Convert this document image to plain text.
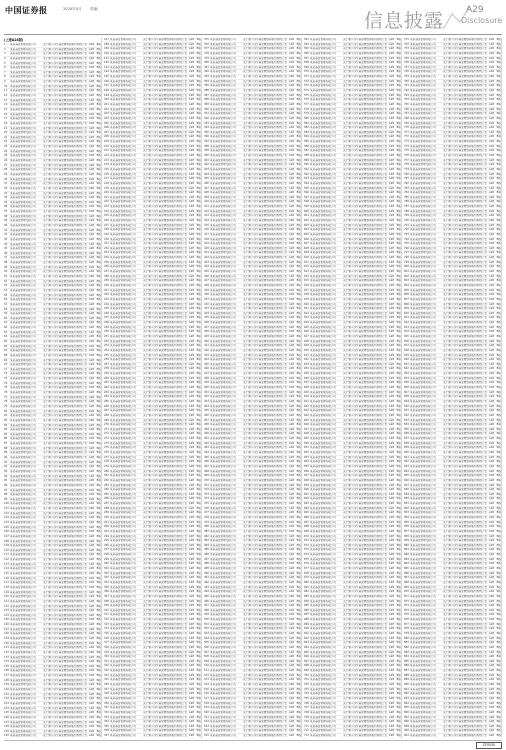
中国证券报	2024年4月 责编:
信息披露 A29
Disclosure
(上接A28版)
1	某某基金管理有限公司	关于旗下部分基金增加销售机构的公告 A28	B版
2	某某基金管理有限公司	关于旗下部分基金增加销售机构的公告 A28	B版
3	某某基金管理有限公司	关于旗下部分基金增加销售机构的公告 A28	B版
4	某某基金管理有限公司	关于旗下部分基金增加销售机构的公告 A28	B版
5	某某基金管理有限公司	关于旗下部分基金增加销售机构的公告 A28	B版
6	某某基金管理有限公司	关于旗下部分基金增加销售机构的公告 A28	B版
7	某某基金管理有限公司	关于旗下部分基金增加销售机构的公告 A28	B版
8	某某基金管理有限公司	关于旗下部分基金增加销售机构的公告 A28	B版
9	某某基金管理有限公司	关于旗下部分基金增加销售机构的公告 A28	B版
10	某某基金管理有限公司	关于旗下部分基金增加销售机构的公告 A28	B版
11	某某基金管理有限公司	关于旗下部分基金增加销售机构的公告 A28	B版
12	某某基金管理有限公司	关于旗下部分基金增加销售机构的公告 A28	B版
13	某某基金管理有限公司	关于旗下部分基金增加销售机构的公告 A28	B版
14	某某基金管理有限公司	关于旗下部分基金增加销售机构的公告 A28	B版
15	某某基金管理有限公司	关于旗下部分基金增加销售机构的公告 A28	B版
16	某某基金管理有限公司	关于旗下部分基金增加销售机构的公告 A28	B版
17	某某基金管理有限公司	关于旗下部分基金增加销售机构的公告 A28	B版
18	某某基金管理有限公司	关于旗下部分基金增加销售机构的公告 A28	B版
19	某某基金管理有限公司	关于旗下部分基金增加销售机构的公告 A28	B版
20	某某基金管理有限公司	关于旗下部分基金增加销售机构的公告 A28	B版
21	某某基金管理有限公司	关于旗下部分基金增加销售机构的公告 A28	B版
22	某某基金管理有限公司	关于旗下部分基金增加销售机构的公告 A28	B版
23	某某基金管理有限公司	关于旗下部分基金增加销售机构的公告 A28	B版
24	某某基金管理有限公司	关于旗下部分基金增加销售机构的公告 A28	B版
25	某某基金管理有限公司	关于旗下部分基金增加销售机构的公告 A28	B版
26	某某基金管理有限公司	关于旗下部分基金增加销售机构的公告 A28	B版
27	某某基金管理有限公司	关于旗下部分基金增加销售机构的公告 A28	B版
28	某某基金管理有限公司	关于旗下部分基金增加销售机构的公告 A28	B版
29	某某基金管理有限公司	关于旗下部分基金增加销售机构的公告 A28	B版
30	某某基金管理有限公司	关于旗下部分基金增加销售机构的公告 A28	B版
31	某某基金管理有限公司	关于旗下部分基金增加销售机构的公告 A28	B版
32	某某基金管理有限公司	关于旗下部分基金增加销售机构的公告 A28	B版
33	某某基金管理有限公司	关于旗下部分基金增加销售机构的公告 A28	B版
34	某某基金管理有限公司	关于旗下部分基金增加销售机构的公告 A28	B版
35	某某基金管理有限公司	关于旗下部分基金增加销售机构的公告 A28	B版
36	某某基金管理有限公司	关于旗下部分基金增加销售机构的公告 A28	B版
37	某某基金管理有限公司	关于旗下部分基金增加销售机构的公告 A28	B版
38	某某基金管理有限公司	关于旗下部分基金增加销售机构的公告 A28	B版
39	某某基金管理有限公司	关于旗下部分基金增加销售机构的公告 A28	B版
40	某某基金管理有限公司	关于旗下部分基金增加销售机构的公告 A28	B版
41	某某基金管理有限公司	关于旗下部分基金增加销售机构的公告 A28	B版
42	某某基金管理有限公司	关于旗下部分基金增加销售机构的公告 A28	B版
43	某某基金管理有限公司	关于旗下部分基金增加销售机构的公告 A28	B版
44	某某基金管理有限公司	关于旗下部分基金增加销售机构的公告 A28	B版
45	某某基金管理有限公司	关于旗下部分基金增加销售机构的公告 A28	B版
46	某某基金管理有限公司	关于旗下部分基金增加销售机构的公告 A28	B版
47	某某基金管理有限公司	关于旗下部分基金增加销售机构的公告 A28	B版
48	某某基金管理有限公司	关于旗下部分基金增加销售机构的公告 A28	B版
49	某某基金管理有限公司	关于旗下部分基金增加销售机构的公告 A28	B版
50	某某基金管理有限公司	关于旗下部分基金增加销售机构的公告 A28	B版
51	某某基金管理有限公司	关于旗下部分基金增加销售机构的公告 A28	B版
52	某某基金管理有限公司	关于旗下部分基金增加销售机构的公告 A28	B版
53	某某基金管理有限公司	关于旗下部分基金增加销售机构的公告 A28	B版
54	某某基金管理有限公司	关于旗下部分基金增加销售机构的公告 A28	B版
55	某某基金管理有限公司	关于旗下部分基金增加销售机构的公告 A28	B版
56	某某基金管理有限公司	关于旗下部分基金增加销售机构的公告 A28	B版
57	某某基金管理有限公司	关于旗下部分基金增加销售机构的公告 A28	B版
58	某某基金管理有限公司	关于旗下部分基金增加销售机构的公告 A28	B版
59	某某基金管理有限公司	关于旗下部分基金增加销售机构的公告 A28	B版
60	某某基金管理有限公司	关于旗下部分基金增加销售机构的公告 A28	B版
61	某某基金管理有限公司	关于旗下部分基金增加销售机构的公告 A28	B版
62	某某基金管理有限公司	关于旗下部分基金增加销售机构的公告 A28	B版
63	某某基金管理有限公司	关于旗下部分基金增加销售机构的公告 A28	B版
64	某某基金管理有限公司	关于旗下部分基金增加销售机构的公告 A28	B版
65	某某基金管理有限公司	关于旗下部分基金增加销售机构的公告 A28	B版
66	某某基金管理有限公司	关于旗下部分基金增加销售机构的公告 A28	B版
67	某某基金管理有限公司	关于旗下部分基金增加销售机构的公告 A28	B版
68	某某基金管理有限公司	关于旗下部分基金增加销售机构的公告 A28	B版
69	某某基金管理有限公司	关于旗下部分基金增加销售机构的公告 A28	B版
70	某某基金管理有限公司	关于旗下部分基金增加销售机构的公告 A28	B版
71	某某基金管理有限公司	关于旗下部分基金增加销售机构的公告 A28	B版
72	某某基金管理有限公司	关于旗下部分基金增加销售机构的公告 A28	B版
73	某某基金管理有限公司	关于旗下部分基金增加销售机构的公告 A28	B版
74	某某基金管理有限公司	关于旗下部分基金增加销售机构的公告 A28	B版
75	某某基金管理有限公司	关于旗下部分基金增加销售机构的公告 A28	B版
76	某某基金管理有限公司	关于旗下部分基金增加销售机构的公告 A28	B版
77	某某基金管理有限公司	关于旗下部分基金增加销售机构的公告 A28	B版
78	某某基金管理有限公司	关于旗下部分基金增加销售机构的公告 A28	B版
79	某某基金管理有限公司	关于旗下部分基金增加销售机构的公告 A28	B版
80	某某基金管理有限公司	关于旗下部分基金增加销售机构的公告 A28	B版
81	某某基金管理有限公司	关于旗下部分基金增加销售机构的公告 A28	B版
82	某某基金管理有限公司	关于旗下部分基金增加销售机构的公告 A28	B版
83	某某基金管理有限公司	关于旗下部分基金增加销售机构的公告 A28	B版
84	某某基金管理有限公司	关于旗下部分基金增加销售机构的公告 A28	B版
85	某某基金管理有限公司	关于旗下部分基金增加销售机构的公告 A28	B版
86	某某基金管理有限公司	关于旗下部分基金增加销售机构的公告 A28	B版
87	某某基金管理有限公司	关于旗下部分基金增加销售机构的公告 A28	B版
88	某某基金管理有限公司	关于旗下部分基金增加销售机构的公告 A28	B版
89	某某基金管理有限公司	关于旗下部分基金增加销售机构的公告 A28	B版
90	某某基金管理有限公司	关于旗下部分基金增加销售机构的公告 A28	B版
91	某某基金管理有限公司	关于旗下部分基金增加销售机构的公告 A28	B版
92	某某基金管理有限公司	关于旗下部分基金增加销售机构的公告 A28	B版
93	某某基金管理有限公司	关于旗下部分基金增加销售机构的公告 A28	B版
94	某某基金管理有限公司	关于旗下部分基金增加销售机构的公告 A28	B版
95	某某基金管理有限公司	关于旗下部分基金增加销售机构的公告 A28	B版
96	某某基金管理有限公司	关于旗下部分基金增加销售机构的公告 A28	B版
97	某某基金管理有限公司	关于旗下部分基金增加销售机构的公告 A28	B版
98	某某基金管理有限公司	关于旗下部分基金增加销售机构的公告 A28	B版
99	某某基金管理有限公司	关于旗下部分基金增加销售机构的公告 A28	B版
100 某某基金管理有限公司	关于旗下部分基金增加销售机构的公告 A28	B版
101 某某基金管理有限公司	关于旗下部分基金增加销售机构的公告 A28	B版
102 某某基金管理有限公司	关于旗下部分基金增加销售机构的公告 A28	B版
103 某某基金管理有限公司	关于旗下部分基金增加销售机构的公告 A28	B版
104 某某基金管理有限公司	关于旗下部分基金增加销售机构的公告 A28	B版
105 某某基金管理有限公司	关于旗下部分基金增加销售机构的公告 A28	B版
106 某某基金管理有限公司	关于旗下部分基金增加销售机构的公告 A28	B版
107 某某基金管理有限公司	关于旗下部分基金增加销售机构的公告 A28	B版
108 某某基金管理有限公司	关于旗下部分基金增加销售机构的公告 A28	B版
109 某某基金管理有限公司	关于旗下部分基金增加销售机构的公告 A28	B版
110 某某基金管理有限公司	关于旗下部分基金增加销售机构的公告 A28	B版
111 某某基金管理有限公司	关于旗下部分基金增加销售机构的公告 A28	B版
112 某某基金管理有限公司	关于旗下部分基金增加销售机构的公告 A28	B版
113 某某基金管理有限公司	关于旗下部分基金增加销售机构的公告 A28	B版
114 某某基金管理有限公司	关于旗下部分基金增加销售机构的公告 A28	B版
115 某某基金管理有限公司	关于旗下部分基金增加销售机构的公告 A28	B版
116 某某基金管理有限公司	关于旗下部分基金增加销售机构的公告 A28	B版
117 某某基金管理有限公司	关于旗下部分基金增加销售机构的公告 A28	B版
118 某某基金管理有限公司	关于旗下部分基金增加销售机构的公告 A28	B版
119 某某基金管理有限公司	关于旗下部分基金增加销售机构的公告 A28	B版
120 某某基金管理有限公司	关于旗下部分基金增加销售机构的公告 A28	B版
121 某某基金管理有限公司	关于旗下部分基金增加销售机构的公告 A28	B版
122 某某基金管理有限公司	关于旗下部分基金增加销售机构的公告 A28	B版
123 某某基金管理有限公司	关于旗下部分基金增加销售机构的公告 A28	B版
124 某某基金管理有限公司	关于旗下部分基金增加销售机构的公告 A28	B版
125 某某基金管理有限公司	关于旗下部分基金增加销售机构的公告 A28	B版
126 某某基金管理有限公司	关于旗下部分基金增加销售机构的公告 A28	B版
127 某某基金管理有限公司	关于旗下部分基金增加销售机构的公告 A28	B版
128 某某基金管理有限公司	关于旗下部分基金增加销售机构的公告 A28	B版
129 某某基金管理有限公司	关于旗下部分基金增加销售机构的公告 A28	B版
130 某某基金管理有限公司	关于旗下部分基金增加销售机构的公告 A28	B版
131 某某基金管理有限公司	关于旗下部分基金增加销售机构的公告 A28	B版
132 某某基金管理有限公司	关于旗下部分基金增加销售机构的公告 A28	B版
133 某某基金管理有限公司	关于旗下部分基金增加销售机构的公告 A28	B版
134 某某基金管理有限公司	关于旗下部分基金增加销售机构的公告 A28	B版
135 某某基金管理有限公司	关于旗下部分基金增加销售机构的公告 A28	B版
136 某某基金管理有限公司	关于旗下部分基金增加销售机构的公告 A28	B版
137 某某基金管理有限公司	关于旗下部分基金增加销售机构的公告 A28	B版
138 某某基金管理有限公司	关于旗下部分基金增加销售机构的公告 A28	B版
139 某某基金管理有限公司	关于旗下部分基金增加销售机构的公告 A28	B版
140 某某基金管理有限公司	关于旗下部分基金增加销售机构的公告 A28	B版
141 某某基金管理有限公司	关于旗下部分基金增加销售机构的公告 A28	B版
142 某某基金管理有限公司	关于旗下部分基金增加销售机构的公告 A28	B版
143 某某基金管理有限公司	关于旗下部分基金增加销售机构的公告 A28	B版
144 某某基金管理有限公司	关于旗下部分基金增加销售机构的公告 A28	B版
145 某某基金管理有限公司	关于旗下部分基金增加销售机构的公告 A28	B版
146 某某基金管理有限公司	关于旗下部分基金增加销售机构的公告 A28	B版
147 某某基金管理有限公司	关于旗下部分基金增加销售机构的公告 A28	B版
148 某某基金管理有限公司	关于旗下部分基金增加销售机构的公告 A28	B版
149 某某基金管理有限公司	关于旗下部分基金增加销售机构的公告 A28	B版
150 某某基金管理有限公司	关于旗下部分基金增加销售机构的公告 A28	B版
187 某某基金管理有限公司	关于旗下部分基金增加销售机构的公告 A28	B版
188 某某基金管理有限公司	关于旗下部分基金增加销售机构的公告 A28	B版
189 某某基金管理有限公司	关于旗下部分基金增加销售机构的公告 A28	B版
190 某某基金管理有限公司	关于旗下部分基金增加销售机构的公告 A28	B版
191 某某基金管理有限公司	关于旗下部分基金增加销售机构的公告 A28	B版
192 某某基金管理有限公司	关于旗下部分基金增加销售机构的公告 A28	B版
193 某某基金管理有限公司	关于旗下部分基金增加销售机构的公告 A28	B版
194 某某基金管理有限公司	关于旗下部分基金增加销售机构的公告 A28	B版
195 某某基金管理有限公司	关于旗下部分基金增加销售机构的公告 A28	B版
196 某某基金管理有限公司	关于旗下部分基金增加销售机构的公告 A28	B版
197 某某基金管理有限公司	关于旗下部分基金增加销售机构的公告 A28	B版
198 某某基金管理有限公司	关于旗下部分基金增加销售机构的公告 A28	B版
199 某某基金管理有限公司	关于旗下部分基金增加销售机构的公告 A28	B版
200 某某基金管理有限公司	关于旗下部分基金增加销售机构的公告 A28	B版
201 某某基金管理有限公司	关于旗下部分基金增加销售机构的公告 A28	B版
202 某某基金管理有限公司	关于旗下部分基金增加销售机构的公告 A28	B版
203 某某基金管理有限公司	关于旗下部分基金增加销售机构的公告 A28	B版
204 某某基金管理有限公司	关于旗下部分基金增加销售机构的公告 A28	B版
205 某某基金管理有限公司	关于旗下部分基金增加销售机构的公告 A28	B版
206 某某基金管理有限公司	关于旗下部分基金增加销售机构的公告 A28	B版
207 某某基金管理有限公司	关于旗下部分基金增加销售机构的公告 A28	B版
208 某某基金管理有限公司	关于旗下部分基金增加销售机构的公告 A28	B版
209 某某基金管理有限公司	关于旗下部分基金增加销售机构的公告 A28	B版
210 某某基金管理有限公司	关于旗下部分基金增加销售机构的公告 A28	B版
211 某某基金管理有限公司	关于旗下部分基金增加销售机构的公告 A28	B版
212 某某基金管理有限公司	关于旗下部分基金增加销售机构的公告 A28	B版
213 某某基金管理有限公司	关于旗下部分基金增加销售机构的公告 A28	B版
214 某某基金管理有限公司	关于旗下部分基金增加销售机构的公告 A28	B版
215 某某基金管理有限公司	关于旗下部分基金增加销售机构的公告 A28	B版
216 某某基金管理有限公司	关于旗下部分基金增加销售机构的公告 A28	B版
217 某某基金管理有限公司	关于旗下部分基金增加销售机构的公告 A28	B版
218 某某基金管理有限公司	关于旗下部分基金增加销售机构的公告 A28	B版
219 某某基金管理有限公司	关于旗下部分基金增加销售机构的公告 A28	B版
220 某某基金管理有限公司	关于旗下部分基金增加销售机构的公告 A28	B版
221 某某基金管理有限公司	关于旗下部分基金增加销售机构的公告 A28	B版
222 某某基金管理有限公司	关于旗下部分基金增加销售机构的公告 A28	B版
223 某某基金管理有限公司	关于旗下部分基金增加销售机构的公告 A28	B版
224 某某基金管理有限公司	关于旗下部分基金增加销售机构的公告 A28	B版
225 某某基金管理有限公司	关于旗下部分基金增加销售机构的公告 A28	B版
226 某某基金管理有限公司	关于旗下部分基金增加销售机构的公告 A28	B版
227 某某基金管理有限公司	关于旗下部分基金增加销售机构的公告 A28	B版
228 某某基金管理有限公司	关于旗下部分基金增加销售机构的公告 A28	B版
229 某某基金管理有限公司	关于旗下部分基金增加销售机构的公告 A28	B版
230 某某基金管理有限公司	关于旗下部分基金增加销售机构的公告 A28	B版
231 某某基金管理有限公司	关于旗下部分基金增加销售机构的公告 A28	B版
232 某某基金管理有限公司	关于旗下部分基金增加销售机构的公告 A28	B版
233 某某基金管理有限公司	关于旗下部分基金增加销售机构的公告 A28	B版
234 某某基金管理有限公司	关于旗下部分基金增加销售机构的公告 A28	B版
235 某某基金管理有限公司	关于旗下部分基金增加销售机构的公告 A28	B版
236 某某基金管理有限公司	关于旗下部分基金增加销售机构的公告 A28	B版
237 某某基金管理有限公司	关于旗下部分基金增加销售机构的公告 A28	B版
238 某某基金管理有限公司	关于旗下部分基金增加销售机构的公告 A28	B版
239 某某基金管理有限公司	关于旗下部分基金增加销售机构的公告 A28	B版
240 某某基金管理有限公司	关于旗下部分基金增加销售机构的公告 A28	B版
241 某某基金管理有限公司	关于旗下部分基金增加销售机构的公告 A28	B版
242 某某基金管理有限公司	关于旗下部分基金增加销售机构的公告 A28	B版
243 某某基金管理有限公司	关于旗下部分基金增加销售机构的公告 A28	B版
244 某某基金管理有限公司	关于旗下部分基金增加销售机构的公告 A28	B版
245 某某基金管理有限公司	关于旗下部分基金增加销售机构的公告 A28	B版
246 某某基金管理有限公司	关于旗下部分基金增加销售机构的公告 A28	B版
247 某某基金管理有限公司	关于旗下部分基金增加销售机构的公告 A28	B版
248 某某基金管理有限公司	关于旗下部分基金增加销售机构的公告 A28	B版
249 某某基金管理有限公司	关于旗下部分基金增加销售机构的公告 A28	B版
250 某某基金管理有限公司	关于旗下部分基金增加销售机构的公告 A28	B版
251 某某基金管理有限公司	关于旗下部分基金增加销售机构的公告 A28	B版
252 某某基金管理有限公司	关于旗下部分基金增加销售机构的公告 A28	B版
253 某某基金管理有限公司	关于旗下部分基金增加销售机构的公告 A28	B版
254 某某基金管理有限公司	关于旗下部分基金增加销售机构的公告 A28	B版
255 某某基金管理有限公司	关于旗下部分基金增加销售机构的公告 A28	B版
256 某某基金管理有限公司	关于旗下部分基金增加销售机构的公告 A28	B版
257 某某基金管理有限公司	关于旗下部分基金增加销售机构的公告 A28	B版
258 某某基金管理有限公司	关于旗下部分基金增加销售机构的公告 A28	B版
259 某某基金管理有限公司	关于旗下部分基金增加销售机构的公告 A28	B版
260 某某基金管理有限公司	关于旗下部分基金增加销售机构的公告 A28	B版
261 某某基金管理有限公司	关于旗下部分基金增加销售机构的公告 A28	B版
262 某某基金管理有限公司	关于旗下部分基金增加销售机构的公告 A28	B版
263 某某基金管理有限公司	关于旗下部分基金增加销售机构的公告 A28	B版
264 某某基金管理有限公司	关于旗下部分基金增加销售机构的公告 A28	B版
265 某某基金管理有限公司	关于旗下部分基金增加销售机构的公告 A28	B版
266 某某基金管理有限公司	关于旗下部分基金增加销售机构的公告 A28	B版
267 某某基金管理有限公司	关于旗下部分基金增加销售机构的公告 A28	B版
268 某某基金管理有限公司	关于旗下部分基金增加销售机构的公告 A28	B版
269 某某基金管理有限公司	关于旗下部分基金增加销售机构的公告 A28	B版
270 某某基金管理有限公司	关于旗下部分基金增加销售机构的公告 A28	B版
271 某某基金管理有限公司	关于旗下部分基金增加销售机构的公告 A28	B版
272 某某基金管理有限公司	关于旗下部分基金增加销售机构的公告 A28	B版
273 某某基金管理有限公司	关于旗下部分基金增加销售机构的公告 A28	B版
274 某某基金管理有限公司	关于旗下部分基金增加销售机构的公告 A28	B版
275 某某基金管理有限公司	关于旗下部分基金增加销售机构的公告 A28	B版
276 某某基金管理有限公司	关于旗下部分基金增加销售机构的公告 A28	B版
277 某某基金管理有限公司	关于旗下部分基金增加销售机构的公告 A28	B版
278 某某基金管理有限公司	关于旗下部分基金增加销售机构的公告 A28	B版
279 某某基金管理有限公司	关于旗下部分基金增加销售机构的公告 A28	B版
280 某某基金管理有限公司	关于旗下部分基金增加销售机构的公告 A28	B版
281 某某基金管理有限公司	关于旗下部分基金增加销售机构的公告 A28	B版
282 某某基金管理有限公司	关于旗下部分基金增加销售机构的公告 A28	B版
283 某某基金管理有限公司	关于旗下部分基金增加销售机构的公告 A28	B版
284 某某基金管理有限公司	关于旗下部分基金增加销售机构的公告 A28	B版
285 某某基金管理有限公司	关于旗下部分基金增加销售机构的公告 A28	B版
286 某某基金管理有限公司	关于旗下部分基金增加销售机构的公告 A28	B版
287 某某基金管理有限公司	关于旗下部分基金增加销售机构的公告 A28	B版
288 某某基金管理有限公司	关于旗下部分基金增加销售机构的公告 A28	B版
289 某某基金管理有限公司	关于旗下部分基金增加销售机构的公告 A28	B版
290 某某基金管理有限公司	关于旗下部分基金增加销售机构的公告 A28	B版
291 某某基金管理有限公司	关于旗下部分基金增加销售机构的公告 A28	B版
292 某某基金管理有限公司	关于旗下部分基金增加销售机构的公告 A28	B版
293 某某基金管理有限公司	关于旗下部分基金增加销售机构的公告 A28	B版
294 某某基金管理有限公司	关于旗下部分基金增加销售机构的公告 A28	B版
295 某某基金管理有限公司	关于旗下部分基金增加销售机构的公告 A28	B版
296 某某基金管理有限公司	关于旗下部分基金增加销售机构的公告 A28	B版
297 某某基金管理有限公司	关于旗下部分基金增加销售机构的公告 A28	B版
298 某某基金管理有限公司	关于旗下部分基金增加销售机构的公告 A28	B版
299 某某基金管理有限公司	关于旗下部分基金增加销售机构的公告 A28	B版
300 某某基金管理有限公司	关于旗下部分基金增加销售机构的公告 A28	B版
301 某某基金管理有限公司	关于旗下部分基金增加销售机构的公告 A28	B版
302 某某基金管理有限公司	关于旗下部分基金增加销售机构的公告 A28	B版
303 某某基金管理有限公司	关于旗下部分基金增加销售机构的公告 A28	B版
304 某某基金管理有限公司	关于旗下部分基金增加销售机构的公告 A28	B版
305 某某基金管理有限公司	关于旗下部分基金增加销售机构的公告 A28	B版
306 某某基金管理有限公司	关于旗下部分基金增加销售机构的公告 A28	B版
307 某某基金管理有限公司	关于旗下部分基金增加销售机构的公告 A28	B版
308 某某基金管理有限公司	关于旗下部分基金增加销售机构的公告 A28	B版
309 某某基金管理有限公司	关于旗下部分基金增加销售机构的公告 A28	B版
310 某某基金管理有限公司	关于旗下部分基金增加销售机构的公告 A28	B版
311 某某基金管理有限公司	关于旗下部分基金增加销售机构的公告 A28	B版
312 某某基金管理有限公司	关于旗下部分基金增加销售机构的公告 A28	B版
313 某某基金管理有限公司	关于旗下部分基金增加销售机构的公告 A28	B版
314 某某基金管理有限公司	关于旗下部分基金增加销售机构的公告 A28	B版
315 某某基金管理有限公司	关于旗下部分基金增加销售机构的公告 A28	B版
316 某某基金管理有限公司	关于旗下部分基金增加销售机构的公告 A28	B版
317 某某基金管理有限公司	关于旗下部分基金增加销售机构的公告 A28	B版
318 某某基金管理有限公司	关于旗下部分基金增加销售机构的公告 A28	B版
319 某某基金管理有限公司	关于旗下部分基金增加销售机构的公告 A28	B版
320 某某基金管理有限公司	关于旗下部分基金增加销售机构的公告 A28	B版
321 某某基金管理有限公司	关于旗下部分基金增加销售机构的公告 A28	B版
322 某某基金管理有限公司	关于旗下部分基金增加销售机构的公告 A28	B版
323 某某基金管理有限公司	关于旗下部分基金增加销售机构的公告 A28	B版
324 某某基金管理有限公司	关于旗下部分基金增加销售机构的公告 A28	B版
325 某某基金管理有限公司	关于旗下部分基金增加销售机构的公告 A28	B版
326 某某基金管理有限公司	关于旗下部分基金增加销售机构的公告 A28	B版
327 某某基金管理有限公司	关于旗下部分基金增加销售机构的公告 A28	B版
328 某某基金管理有限公司	关于旗下部分基金增加销售机构的公告 A28	B版
329 某某基金管理有限公司	关于旗下部分基金增加销售机构的公告 A28	B版
330 某某基金管理有限公司	关于旗下部分基金增加销售机构的公告 A28	B版
331 某某基金管理有限公司	关于旗下部分基金增加销售机构的公告 A28	B版
332 某某基金管理有限公司	关于旗下部分基金增加销售机构的公告 A28	B版
333 某某基金管理有限公司	关于旗下部分基金增加销售机构的公告 A28	B版
334 某某基金管理有限公司	关于旗下部分基金增加销售机构的公告 A28	B版
335 某某基金管理有限公司	关于旗下部分基金增加销售机构的公告 A28	B版
336 某某基金管理有限公司	关于旗下部分基金增加销售机构的公告 A28	B版
337 某某基金管理有限公司	关于旗下部分基金增加销售机构的公告 A28	B版
375 某某基金管理有限公司	关于旗下部分基金增加销售机构的公告 A28	B版
376 某某基金管理有限公司	关于旗下部分基金增加销售机构的公告 A28	B版
377 某某基金管理有限公司	关于旗下部分基金增加销售机构的公告 A28	B版
378 某某基金管理有限公司	关于旗下部分基金增加销售机构的公告 A28	B版
379 某某基金管理有限公司	关于旗下部分基金增加销售机构的公告 A28	B版
380 某某基金管理有限公司	关于旗下部分基金增加销售机构的公告 A28	B版
381 某某基金管理有限公司	关于旗下部分基金增加销售机构的公告 A28	B版
382 某某基金管理有限公司	关于旗下部分基金增加销售机构的公告 A28	B版
383 某某基金管理有限公司	关于旗下部分基金增加销售机构的公告 A28	B版
384 某某基金管理有限公司	关于旗下部分基金增加销售机构的公告 A28	B版
385 某某基金管理有限公司	关于旗下部分基金增加销售机构的公告 A28	B版
386 某某基金管理有限公司	关于旗下部分基金增加销售机构的公告 A28	B版
387 某某基金管理有限公司	关于旗下部分基金增加销售机构的公告 A28	B版
388 某某基金管理有限公司	关于旗下部分基金增加销售机构的公告 A28	B版
389 某某基金管理有限公司	关于旗下部分基金增加销售机构的公告 A28	B版
390 某某基金管理有限公司	关于旗下部分基金增加销售机构的公告 A28	B版
391 某某基金管理有限公司	关于旗下部分基金增加销售机构的公告 A28	B版
392 某某基金管理有限公司	关于旗下部分基金增加销售机构的公告 A28	B版
393 某某基金管理有限公司	关于旗下部分基金增加销售机构的公告 A28	B版
394 某某基金管理有限公司	关于旗下部分基金增加销售机构的公告 A28	B版
395 某某基金管理有限公司	关于旗下部分基金增加销售机构的公告 A28	B版
396 某某基金管理有限公司	关于旗下部分基金增加销售机构的公告 A28	B版
397 某某基金管理有限公司	关于旗下部分基金增加销售机构的公告 A28	B版
398 某某基金管理有限公司	关于旗下部分基金增加销售机构的公告 A28	B版
399 某某基金管理有限公司	关于旗下部分基金增加销售机构的公告 A28	B版
400 某某基金管理有限公司	关于旗下部分基金增加销售机构的公告 A28	B版
401 某某基金管理有限公司	关于旗下部分基金增加销售机构的公告 A28	B版
402 某某基金管理有限公司	关于旗下部分基金增加销售机构的公告 A28	B版
403 某某基金管理有限公司	关于旗下部分基金增加销售机构的公告 A28	B版
404 某某基金管理有限公司	关于旗下部分基金增加销售机构的公告 A28	B版
405 某某基金管理有限公司	关于旗下部分基金增加销售机构的公告 A28	B版
406 某某基金管理有限公司	关于旗下部分基金增加销售机构的公告 A28	B版
407 某某基金管理有限公司	关于旗下部分基金增加销售机构的公告 A28	B版
408 某某基金管理有限公司	关于旗下部分基金增加销售机构的公告 A28	B版
409 某某基金管理有限公司	关于旗下部分基金增加销售机构的公告 A28	B版
410 某某基金管理有限公司	关于旗下部分基金增加销售机构的公告 A28	B版
411 某某基金管理有限公司	关于旗下部分基金增加销售机构的公告 A28	B版
412 某某基金管理有限公司	关于旗下部分基金增加销售机构的公告 A28	B版
413 某某基金管理有限公司	关于旗下部分基金增加销售机构的公告 A28	B版
414 某某基金管理有限公司	关于旗下部分基金增加销售机构的公告 A28	B版
415 某某基金管理有限公司	关于旗下部分基金增加销售机构的公告 A28	B版
416 某某基金管理有限公司	关于旗下部分基金增加销售机构的公告 A28	B版
417 某某基金管理有限公司	关于旗下部分基金增加销售机构的公告 A28	B版
418 某某基金管理有限公司	关于旗下部分基金增加销售机构的公告 A28	B版
419 某某基金管理有限公司	关于旗下部分基金增加销售机构的公告 A28	B版
420 某某基金管理有限公司	关于旗下部分基金增加销售机构的公告 A28	B版
421 某某基金管理有限公司	关于旗下部分基金增加销售机构的公告 A28	B版
422 某某基金管理有限公司	关于旗下部分基金增加销售机构的公告 A28	B版
423 某某基金管理有限公司	关于旗下部分基金增加销售机构的公告 A28	B版
424 某某基金管理有限公司	关于旗下部分基金增加销售机构的公告 A28	B版
425 某某基金管理有限公司	关于旗下部分基金增加销售机构的公告 A28	B版
426 某某基金管理有限公司	关于旗下部分基金增加销售机构的公告 A28	B版
427 某某基金管理有限公司	关于旗下部分基金增加销售机构的公告 A28	B版
428 某某基金管理有限公司	关于旗下部分基金增加销售机构的公告 A28	B版
429 某某基金管理有限公司	关于旗下部分基金增加销售机构的公告 A28	B版
430 某某基金管理有限公司	关于旗下部分基金增加销售机构的公告 A28	B版
431 某某基金管理有限公司	关于旗下部分基金增加销售机构的公告 A28	B版
432 某某基金管理有限公司	关于旗下部分基金增加销售机构的公告 A28	B版
433 某某基金管理有限公司	关于旗下部分基金增加销售机构的公告 A28	B版
434 某某基金管理有限公司	关于旗下部分基金增加销售机构的公告 A28	B版
435 某某基金管理有限公司	关于旗下部分基金增加销售机构的公告 A28	B版
436 某某基金管理有限公司	关于旗下部分基金增加销售机构的公告 A28	B版
437 某某基金管理有限公司	关于旗下部分基金增加销售机构的公告 A28	B版
438 某某基金管理有限公司	关于旗下部分基金增加销售机构的公告 A28	B版
439 某某基金管理有限公司	关于旗下部分基金增加销售机构的公告 A28	B版
440 某某基金管理有限公司	关于旗下部分基金增加销售机构的公告 A28	B版
441 某某基金管理有限公司	关于旗下部分基金增加销售机构的公告 A28	B版
442 某某基金管理有限公司	关于旗下部分基金增加销售机构的公告 A28	B版
443 某某基金管理有限公司	关于旗下部分基金增加销售机构的公告 A28	B版
444 某某基金管理有限公司	关于旗下部分基金增加销售机构的公告 A28	B版
445 某某基金管理有限公司	关于旗下部分基金增加销售机构的公告 A28	B版
446 某某基金管理有限公司	关于旗下部分基金增加销售机构的公告 A28	B版
447 某某基金管理有限公司	关于旗下部分基金增加销售机构的公告 A28	B版
448 某某基金管理有限公司	关于旗下部分基金增加销售机构的公告 A28	B版
449 某某基金管理有限公司	关于旗下部分基金增加销售机构的公告 A28	B版
450 某某基金管理有限公司	关于旗下部分基金增加销售机构的公告 A28	B版
451 某某基金管理有限公司	关于旗下部分基金增加销售机构的公告 A28	B版
452 某某基金管理有限公司	关于旗下部分基金增加销售机构的公告 A28	B版
453 某某基金管理有限公司	关于旗下部分基金增加销售机构的公告 A28	B版
454 某某基金管理有限公司	关于旗下部分基金增加销售机构的公告 A28	B版
455 某某基金管理有限公司	关于旗下部分基金增加销售机构的公告 A28	B版
456 某某基金管理有限公司	关于旗下部分基金增加销售机构的公告 A28	B版
457 某某基金管理有限公司	关于旗下部分基金增加销售机构的公告 A28	B版
458 某某基金管理有限公司	关于旗下部分基金增加销售机构的公告 A28	B版
459 某某基金管理有限公司	关于旗下部分基金增加销售机构的公告 A28	B版
460 某某基金管理有限公司	关于旗下部分基金增加销售机构的公告 A28	B版
461 某某基金管理有限公司	关于旗下部分基金增加销售机构的公告 A28	B版
462 某某基金管理有限公司	关于旗下部分基金增加销售机构的公告 A28	B版
463 某某基金管理有限公司	关于旗下部分基金增加销售机构的公告 A28	B版
464 某某基金管理有限公司	关于旗下部分基金增加销售机构的公告 A28	B版
465 某某基金管理有限公司	关于旗下部分基金增加销售机构的公告 A28	B版
466 某某基金管理有限公司	关于旗下部分基金增加销售机构的公告 A28	B版
467 某某基金管理有限公司	关于旗下部分基金增加销售机构的公告 A28	B版
468 某某基金管理有限公司	关于旗下部分基金增加销售机构的公告 A28	B版
469 某某基金管理有限公司	关于旗下部分基金增加销售机构的公告 A28	B版
470 某某基金管理有限公司	关于旗下部分基金增加销售机构的公告 A28	B版
471 某某基金管理有限公司	关于旗下部分基金增加销售机构的公告 A28	B版
472 某某基金管理有限公司	关于旗下部分基金增加销售机构的公告 A28	B版
473 某某基金管理有限公司	关于旗下部分基金增加销售机构的公告 A28	B版
474 某某基金管理有限公司	关于旗下部分基金增加销售机构的公告 A28	B版
475 某某基金管理有限公司	关于旗下部分基金增加销售机构的公告 A28	B版
476 某某基金管理有限公司	关于旗下部分基金增加销售机构的公告 A28	B版
477 某某基金管理有限公司	关于旗下部分基金增加销售机构的公告 A28	B版
478 某某基金管理有限公司	关于旗下部分基金增加销售机构的公告 A28	B版
479 某某基金管理有限公司	关于旗下部分基金增加销售机构的公告 A28	B版
480 某某基金管理有限公司	关于旗下部分基金增加销售机构的公告 A28	B版
481 某某基金管理有限公司	关于旗下部分基金增加销售机构的公告 A28	B版
482 某某基金管理有限公司	关于旗下部分基金增加销售机构的公告 A28	B版
483 某某基金管理有限公司	关于旗下部分基金增加销售机构的公告 A28	B版
484 某某基金管理有限公司	关于旗下部分基金增加销售机构的公告 A28	B版
485 某某基金管理有限公司	关于旗下部分基金增加销售机构的公告 A28	B版
486 某某基金管理有限公司	关于旗下部分基金增加销售机构的公告 A28	B版
487 某某基金管理有限公司	关于旗下部分基金增加销售机构的公告 A28	B版
488 某某基金管理有限公司	关于旗下部分基金增加销售机构的公告 A28	B版
489 某某基金管理有限公司	关于旗下部分基金增加销售机构的公告 A28	B版
490 某某基金管理有限公司	关于旗下部分基金增加销售机构的公告 A28	B版
491 某某基金管理有限公司	关于旗下部分基金增加销售机构的公告 A28	B版
492 某某基金管理有限公司	关于旗下部分基金增加销售机构的公告 A28	B版
493 某某基金管理有限公司	关于旗下部分基金增加销售机构的公告 A28	B版
494 某某基金管理有限公司	关于旗下部分基金增加销售机构的公告 A28	B版
495 某某基金管理有限公司	关于旗下部分基金增加销售机构的公告 A28	B版
496 某某基金管理有限公司	关于旗下部分基金增加销售机构的公告 A28	B版
497 某某基金管理有限公司	关于旗下部分基金增加销售机构的公告 A28	B版
498 某某基金管理有限公司	关于旗下部分基金增加销售机构的公告 A28	B版
499 某某基金管理有限公司	关于旗下部分基金增加销售机构的公告 A28	B版
500 某某基金管理有限公司	关于旗下部分基金增加销售机构的公告 A28	B版
501 某某基金管理有限公司	关于旗下部分基金增加销售机构的公告 A28	B版
502 某某基金管理有限公司	关于旗下部分基金增加销售机构的公告 A28	B版
503 某某基金管理有限公司	关于旗下部分基金增加销售机构的公告 A28	B版
504 某某基金管理有限公司	关于旗下部分基金增加销售机构的公告 A28	B版
505 某某基金管理有限公司	关于旗下部分基金增加销售机构的公告 A28	B版
506 某某基金管理有限公司	关于旗下部分基金增加销售机构的公告 A28	B版
507 某某基金管理有限公司	关于旗下部分基金增加销售机构的公告 A28	B版
508 某某基金管理有限公司	关于旗下部分基金增加销售机构的公告 A28	B版
509 某某基金管理有限公司	关于旗下部分基金增加销售机构的公告 A28	B版
510 某某基金管理有限公司	关于旗下部分基金增加销售机构的公告 A28	B版
511 某某基金管理有限公司	关于旗下部分基金增加销售机构的公告 A28	B版
512 某某基金管理有限公司	关于旗下部分基金增加销售机构的公告 A28	B版
513 某某基金管理有限公司	关于旗下部分基金增加销售机构的公告 A28	B版
514 某某基金管理有限公司	关于旗下部分基金增加销售机构的公告 A28	B版
515 某某基金管理有限公司	关于旗下部分基金增加销售机构的公告 A28	B版
516 某某基金管理有限公司	关于旗下部分基金增加销售机构的公告 A28	B版
517 某某基金管理有限公司	关于旗下部分基金增加销售机构的公告 A28	B版
518 某某基金管理有限公司	关于旗下部分基金增加销售机构的公告 A28	B版
519 某某基金管理有限公司	关于旗下部分基金增加销售机构的公告 A28	B版
520 某某基金管理有限公司	关于旗下部分基金增加销售机构的公告 A28	B版
521 某某基金管理有限公司	关于旗下部分基金增加销售机构的公告 A28	B版
522 某某基金管理有限公司	关于旗下部分基金增加销售机构的公告 A28	B版
523 某某基金管理有限公司	关于旗下部分基金增加销售机构的公告 A28	B版
524 某某基金管理有限公司	关于旗下部分基金增加销售机构的公告 A28	B版
525 某某基金管理有限公司	关于旗下部分基金增加销售机构的公告 A28	B版
563 某某基金管理有限公司	关于旗下部分基金增加销售机构的公告 A28	B版
564 某某基金管理有限公司	关于旗下部分基金增加销售机构的公告 A28	B版
565 某某基金管理有限公司	关于旗下部分基金增加销售机构的公告 A28	B版
566 某某基金管理有限公司	关于旗下部分基金增加销售机构的公告 A28	B版
567 某某基金管理有限公司	关于旗下部分基金增加销售机构的公告 A28	B版
568 某某基金管理有限公司	关于旗下部分基金增加销售机构的公告 A28	B版
569 某某基金管理有限公司	关于旗下部分基金增加销售机构的公告 A28	B版
570 某某基金管理有限公司	关于旗下部分基金增加销售机构的公告 A28	B版
571 某某基金管理有限公司	关于旗下部分基金增加销售机构的公告 A28	B版
572 某某基金管理有限公司	关于旗下部分基金增加销售机构的公告 A28	B版
573 某某基金管理有限公司	关于旗下部分基金增加销售机构的公告 A28	B版
574 某某基金管理有限公司	关于旗下部分基金增加销售机构的公告 A28	B版
575 某某基金管理有限公司	关于旗下部分基金增加销售机构的公告 A28	B版
576 某某基金管理有限公司	关于旗下部分基金增加销售机构的公告 A28	B版
577 某某基金管理有限公司	关于旗下部分基金增加销售机构的公告 A28	B版
578 某某基金管理有限公司	关于旗下部分基金增加销售机构的公告 A28	B版
579 某某基金管理有限公司	关于旗下部分基金增加销售机构的公告 A28	B版
580 某某基金管理有限公司	关于旗下部分基金增加销售机构的公告 A28	B版
581 某某基金管理有限公司	关于旗下部分基金增加销售机构的公告 A28	B版
582 某某基金管理有限公司	关于旗下部分基金增加销售机构的公告 A28	B版
583 某某基金管理有限公司	关于旗下部分基金增加销售机构的公告 A28	B版
584 某某基金管理有限公司	关于旗下部分基金增加销售机构的公告 A28	B版
585 某某基金管理有限公司	关于旗下部分基金增加销售机构的公告 A28	B版
586 某某基金管理有限公司	关于旗下部分基金增加销售机构的公告 A28	B版
587 某某基金管理有限公司	关于旗下部分基金增加销售机构的公告 A28	B版
588 某某基金管理有限公司	关于旗下部分基金增加销售机构的公告 A28	B版
589 某某基金管理有限公司	关于旗下部分基金增加销售机构的公告 A28	B版
590 某某基金管理有限公司	关于旗下部分基金增加销售机构的公告 A28	B版
591 某某基金管理有限公司	关于旗下部分基金增加销售机构的公告 A28	B版
592 某某基金管理有限公司	关于旗下部分基金增加销售机构的公告 A28	B版
593 某某基金管理有限公司	关于旗下部分基金增加销售机构的公告 A28	B版
594 某某基金管理有限公司	关于旗下部分基金增加销售机构的公告 A28	B版
595 某某基金管理有限公司	关于旗下部分基金增加销售机构的公告 A28	B版
596 某某基金管理有限公司	关于旗下部分基金增加销售机构的公告 A28	B版
597 某某基金管理有限公司	关于旗下部分基金增加销售机构的公告 A28	B版
598 某某基金管理有限公司	关于旗下部分基金增加销售机构的公告 A28	B版
599 某某基金管理有限公司	关于旗下部分基金增加销售机构的公告 A28	B版
600 某某基金管理有限公司	关于旗下部分基金增加销售机构的公告 A28	B版
601 某某基金管理有限公司	关于旗下部分基金增加销售机构的公告 A28	B版
602 某某基金管理有限公司	关于旗下部分基金增加销售机构的公告 A28	B版
603 某某基金管理有限公司	关于旗下部分基金增加销售机构的公告 A28	B版
604 某某基金管理有限公司	关于旗下部分基金增加销售机构的公告 A28	B版
605 某某基金管理有限公司	关于旗下部分基金增加销售机构的公告 A28	B版
606 某某基金管理有限公司	关于旗下部分基金增加销售机构的公告 A28	B版
607 某某基金管理有限公司	关于旗下部分基金增加销售机构的公告 A28	B版
608 某某基金管理有限公司	关于旗下部分基金增加销售机构的公告 A28	B版
609 某某基金管理有限公司	关于旗下部分基金增加销售机构的公告 A28	B版
610 某某基金管理有限公司	关于旗下部分基金增加销售机构的公告 A28	B版
611 某某基金管理有限公司	关于旗下部分基金增加销售机构的公告 A28	B版
612 某某基金管理有限公司	关于旗下部分基金增加销售机构的公告 A28	B版
613 某某基金管理有限公司	关于旗下部分基金增加销售机构的公告 A28	B版
614 某某基金管理有限公司	关于旗下部分基金增加销售机构的公告 A28	B版
615 某某基金管理有限公司	关于旗下部分基金增加销售机构的公告 A28	B版
616 某某基金管理有限公司	关于旗下部分基金增加销售机构的公告 A28	B版
617 某某基金管理有限公司	关于旗下部分基金增加销售机构的公告 A28	B版
618 某某基金管理有限公司	关于旗下部分基金增加销售机构的公告 A28	B版
619 某某基金管理有限公司	关于旗下部分基金增加销售机构的公告 A28	B版
620 某某基金管理有限公司	关于旗下部分基金增加销售机构的公告 A28	B版
621 某某基金管理有限公司	关于旗下部分基金增加销售机构的公告 A28	B版
622 某某基金管理有限公司	关于旗下部分基金增加销售机构的公告 A28	B版
623 某某基金管理有限公司	关于旗下部分基金增加销售机构的公告 A28	B版
624 某某基金管理有限公司	关于旗下部分基金增加销售机构的公告 A28	B版
625 某某基金管理有限公司	关于旗下部分基金增加销售机构的公告 A28	B版
626 某某基金管理有限公司	关于旗下部分基金增加销售机构的公告 A28	B版
627 某某基金管理有限公司	关于旗下部分基金增加销售机构的公告 A28	B版
628 某某基金管理有限公司	关于旗下部分基金增加销售机构的公告 A28	B版
629 某某基金管理有限公司	关于旗下部分基金增加销售机构的公告 A28	B版
630 某某基金管理有限公司	关于旗下部分基金增加销售机构的公告 A28	B版
631 某某基金管理有限公司	关于旗下部分基金增加销售机构的公告 A28	B版
632 某某基金管理有限公司	关于旗下部分基金增加销售机构的公告 A28	B版
633 某某基金管理有限公司	关于旗下部分基金增加销售机构的公告 A28	B版
634 某某基金管理有限公司	关于旗下部分基金增加销售机构的公告 A28	B版
635 某某基金管理有限公司	关于旗下部分基金增加销售机构的公告 A28	B版
636 某某基金管理有限公司	关于旗下部分基金增加销售机构的公告 A28	B版
637 某某基金管理有限公司	关于旗下部分基金增加销售机构的公告 A28	B版
638 某某基金管理有限公司	关于旗下部分基金增加销售机构的公告 A28	B版
639 某某基金管理有限公司	关于旗下部分基金增加销售机构的公告 A28	B版
640 某某基金管理有限公司	关于旗下部分基金增加销售机构的公告 A28	B版
641 某某基金管理有限公司	关于旗下部分基金增加销售机构的公告 A28	B版
642 某某基金管理有限公司	关于旗下部分基金增加销售机构的公告 A28	B版
643 某某基金管理有限公司	关于旗下部分基金增加销售机构的公告 A28	B版
644 某某基金管理有限公司	关于旗下部分基金增加销售机构的公告 A28	B版
645 某某基金管理有限公司	关于旗下部分基金增加销售机构的公告 A28	B版
646 某某基金管理有限公司	关于旗下部分基金增加销售机构的公告 A28	B版
647 某某基金管理有限公司	关于旗下部分基金增加销售机构的公告 A28	B版
648 某某基金管理有限公司	关于旗下部分基金增加销售机构的公告 A28	B版
649 某某基金管理有限公司	关于旗下部分基金增加销售机构的公告 A28	B版
650 某某基金管理有限公司	关于旗下部分基金增加销售机构的公告 A28	B版
651 某某基金管理有限公司	关于旗下部分基金增加销售机构的公告 A28	B版
652 某某基金管理有限公司	关于旗下部分基金增加销售机构的公告 A28	B版
653 某某基金管理有限公司	关于旗下部分基金增加销售机构的公告 A28	B版
654 某某基金管理有限公司	关于旗下部分基金增加销售机构的公告 A28	B版
655 某某基金管理有限公司	关于旗下部分基金增加销售机构的公告 A28	B版
656 某某基金管理有限公司	关于旗下部分基金增加销售机构的公告 A28	B版
657 某某基金管理有限公司	关于旗下部分基金增加销售机构的公告 A28	B版
658 某某基金管理有限公司	关于旗下部分基金增加销售机构的公告 A28	B版
659 某某基金管理有限公司	关于旗下部分基金增加销售机构的公告 A28	B版
660 某某基金管理有限公司	关于旗下部分基金增加销售机构的公告 A28	B版
661 某某基金管理有限公司	关于旗下部分基金增加销售机构的公告 A28	B版
662 某某基金管理有限公司	关于旗下部分基金增加销售机构的公告 A28	B版
663 某某基金管理有限公司	关于旗下部分基金增加销售机构的公告 A28	B版
664 某某基金管理有限公司	关于旗下部分基金增加销售机构的公告 A28	B版
665 某某基金管理有限公司	关于旗下部分基金增加销售机构的公告 A28	B版
666 某某基金管理有限公司	关于旗下部分基金增加销售机构的公告 A28	B版
667 某某基金管理有限公司	关于旗下部分基金增加销售机构的公告 A28	B版
668 某某基金管理有限公司	关于旗下部分基金增加销售机构的公告 A28	B版
669 某某基金管理有限公司	关于旗下部分基金增加销售机构的公告 A28	B版
670 某某基金管理有限公司	关于旗下部分基金增加销售机构的公告 A28	B版
671 某某基金管理有限公司	关于旗下部分基金增加销售机构的公告 A28	B版
672 某某基金管理有限公司	关于旗下部分基金增加销售机构的公告 A28	B版
673 某某基金管理有限公司	关于旗下部分基金增加销售机构的公告 A28	B版
674 某某基金管理有限公司	关于旗下部分基金增加销售机构的公告 A28	B版
675 某某基金管理有限公司	关于旗下部分基金增加销售机构的公告 A28	B版
676 某某基金管理有限公司	关于旗下部分基金增加销售机构的公告 A28	B版
677 某某基金管理有限公司	关于旗下部分基金增加销售机构的公告 A28	B版
678 某某基金管理有限公司	关于旗下部分基金增加销售机构的公告 A28	B版
679 某某基金管理有限公司	关于旗下部分基金增加销售机构的公告 A28	B版
680 某某基金管理有限公司	关于旗下部分基金增加销售机构的公告 A28	B版
681 某某基金管理有限公司	关于旗下部分基金增加销售机构的公告 A28	B版
682 某某基金管理有限公司	关于旗下部分基金增加销售机构的公告 A28	B版
683 某某基金管理有限公司	关于旗下部分基金增加销售机构的公告 A28	B版
684 某某基金管理有限公司	关于旗下部分基金增加销售机构的公告 A28	B版
685 某某基金管理有限公司	关于旗下部分基金增加销售机构的公告 A28	B版
686 某某基金管理有限公司	关于旗下部分基金增加销售机构的公告 A28	B版
687 某某基金管理有限公司	关于旗下部分基金增加销售机构的公告 A28	B版
688 某某基金管理有限公司	关于旗下部分基金增加销售机构的公告 A28	B版
689 某某基金管理有限公司	关于旗下部分基金增加销售机构的公告 A28	B版
690 某某基金管理有限公司	关于旗下部分基金增加销售机构的公告 A28	B版
691 某某基金管理有限公司	关于旗下部分基金增加销售机构的公告 A28	B版
692 某某基金管理有限公司	关于旗下部分基金增加销售机构的公告 A28	B版
693 某某基金管理有限公司	关于旗下部分基金增加销售机构的公告 A28	B版
694 某某基金管理有限公司	关于旗下部分基金增加销售机构的公告 A28	B版
695 某某基金管理有限公司	关于旗下部分基金增加销售机构的公告 A28	B版
696 某某基金管理有限公司	关于旗下部分基金增加销售机构的公告 A28	B版
697 某某基金管理有限公司	关于旗下部分基金增加销售机构的公告 A28	B版
698 某某基金管理有限公司	关于旗下部分基金增加销售机构的公告 A28	B版
699 某某基金管理有限公司	关于旗下部分基金增加销售机构的公告 A28	B版
700 某某基金管理有限公司	关于旗下部分基金增加销售机构的公告 A28	B版
701 某某基金管理有限公司	关于旗下部分基金增加销售机构的公告 A28	B版
702 某某基金管理有限公司	关于旗下部分基金增加销售机构的公告 A28	B版
703 某某基金管理有限公司	关于旗下部分基金增加销售机构的公告 A28	B版
704 某某基金管理有限公司	关于旗下部分基金增加销售机构的公告 A28	B版
705 某某基金管理有限公司	关于旗下部分基金增加销售机构的公告 A28	B版
706 某某基金管理有限公司	关于旗下部分基金增加销售机构的公告 A28	B版
707 某某基金管理有限公司	关于旗下部分基金增加销售机构的公告 A28	B版
708 某某基金管理有限公司	关于旗下部分基金增加销售机构的公告 A28	B版
709 某某基金管理有限公司	关于旗下部分基金增加销售机构的公告 A28	B版
710 某某基金管理有限公司	关于旗下部分基金增加销售机构的公告 A28	B版
711 某某基金管理有限公司	关于旗下部分基金增加销售机构的公告 A28	B版
712 某某基金管理有限公司	关于旗下部分基金增加销售机构的公告 A28	B版
713 某某基金管理有限公司	关于旗下部分基金增加销售机构的公告 A28	B版
751 某某基金管理有限公司	关于旗下部分基金增加销售机构的公告 A28	B版
752 某某基金管理有限公司	关于旗下部分基金增加销售机构的公告 A28	B版
753 某某基金管理有限公司	关于旗下部分基金增加销售机构的公告 A28	B版
754 某某基金管理有限公司	关于旗下部分基金增加销售机构的公告 A28	B版
755 某某基金管理有限公司	关于旗下部分基金增加销售机构的公告 A28	B版
756 某某基金管理有限公司	关于旗下部分基金增加销售机构的公告 A28	B版
757 某某基金管理有限公司	关于旗下部分基金增加销售机构的公告 A28	B版
758 某某基金管理有限公司	关于旗下部分基金增加销售机构的公告 A28	B版
759 某某基金管理有限公司	关于旗下部分基金增加销售机构的公告 A28	B版
760 某某基金管理有限公司	关于旗下部分基金增加销售机构的公告 A28	B版
761 某某基金管理有限公司	关于旗下部分基金增加销售机构的公告 A28	B版
762 某某基金管理有限公司	关于旗下部分基金增加销售机构的公告 A28	B版
763 某某基金管理有限公司	关于旗下部分基金增加销售机构的公告 A28	B版
764 某某基金管理有限公司	关于旗下部分基金增加销售机构的公告 A28	B版
765 某某基金管理有限公司	关于旗下部分基金增加销售机构的公告 A28	B版
766 某某基金管理有限公司	关于旗下部分基金增加销售机构的公告 A28	B版
767 某某基金管理有限公司	关于旗下部分基金增加销售机构的公告 A28	B版
768 某某基金管理有限公司	关于旗下部分基金增加销售机构的公告 A28	B版
769 某某基金管理有限公司	关于旗下部分基金增加销售机构的公告 A28	B版
770 某某基金管理有限公司	关于旗下部分基金增加销售机构的公告 A28	B版
771 某某基金管理有限公司	关于旗下部分基金增加销售机构的公告 A28	B版
772 某某基金管理有限公司	关于旗下部分基金增加销售机构的公告 A28	B版
773 某某基金管理有限公司	关于旗下部分基金增加销售机构的公告 A28	B版
774 某某基金管理有限公司	关于旗下部分基金增加销售机构的公告 A28	B版
775 某某基金管理有限公司	关于旗下部分基金增加销售机构的公告 A28	B版
776 某某基金管理有限公司	关于旗下部分基金增加销售机构的公告 A28	B版
777 某某基金管理有限公司	关于旗下部分基金增加销售机构的公告 A28	B版
778 某某基金管理有限公司	关于旗下部分基金增加销售机构的公告 A28	B版
779 某某基金管理有限公司	关于旗下部分基金增加销售机构的公告 A28	B版
780 某某基金管理有限公司	关于旗下部分基金增加销售机构的公告 A28	B版
781 某某基金管理有限公司	关于旗下部分基金增加销售机构的公告 A28	B版
782 某某基金管理有限公司	关于旗下部分基金增加销售机构的公告 A28	B版
783 某某基金管理有限公司	关于旗下部分基金增加销售机构的公告 A28	B版
784 某某基金管理有限公司	关于旗下部分基金增加销售机构的公告 A28	B版
785 某某基金管理有限公司	关于旗下部分基金增加销售机构的公告 A28	B版
786 某某基金管理有限公司	关于旗下部分基金增加销售机构的公告 A28	B版
787 某某基金管理有限公司	关于旗下部分基金增加销售机构的公告 A28	B版
788 某某基金管理有限公司	关于旗下部分基金增加销售机构的公告 A28	B版
789 某某基金管理有限公司	关于旗下部分基金增加销售机构的公告 A28	B版
790 某某基金管理有限公司	关于旗下部分基金增加销售机构的公告 A28	B版
791 某某基金管理有限公司	关于旗下部分基金增加销售机构的公告 A28	B版
792 某某基金管理有限公司	关于旗下部分基金增加销售机构的公告 A28	B版
793 某某基金管理有限公司	关于旗下部分基金增加销售机构的公告 A28	B版
794 某某基金管理有限公司	关于旗下部分基金增加销售机构的公告 A28	B版
795 某某基金管理有限公司	关于旗下部分基金增加销售机构的公告 A28	B版
796 某某基金管理有限公司	关于旗下部分基金增加销售机构的公告 A28	B版
797 某某基金管理有限公司	关于旗下部分基金增加销售机构的公告 A28	B版
798 某某基金管理有限公司	关于旗下部分基金增加销售机构的公告 A28	B版
799 某某基金管理有限公司	关于旗下部分基金增加销售机构的公告 A28	B版
800 某某基金管理有限公司	关于旗下部分基金增加销售机构的公告 A28	B版
801 某某基金管理有限公司	关于旗下部分基金增加销售机构的公告 A28	B版
802 某某基金管理有限公司	关于旗下部分基金增加销售机构的公告 A28	B版
803 某某基金管理有限公司	关于旗下部分基金增加销售机构的公告 A28	B版
804 某某基金管理有限公司	关于旗下部分基金增加销售机构的公告 A28	B版
805 某某基金管理有限公司	关于旗下部分基金增加销售机构的公告 A28	B版
806 某某基金管理有限公司	关于旗下部分基金增加销售机构的公告 A28	B版
807 某某基金管理有限公司	关于旗下部分基金增加销售机构的公告 A28	B版
808 某某基金管理有限公司	关于旗下部分基金增加销售机构的公告 A28	B版
809 某某基金管理有限公司	关于旗下部分基金增加销售机构的公告 A28	B版
810 某某基金管理有限公司	关于旗下部分基金增加销售机构的公告 A28	B版
811 某某基金管理有限公司	关于旗下部分基金增加销售机构的公告 A28	B版
812 某某基金管理有限公司	关于旗下部分基金增加销售机构的公告 A28	B版
813 某某基金管理有限公司	关于旗下部分基金增加销售机构的公告 A28	B版
814 某某基金管理有限公司	关于旗下部分基金增加销售机构的公告 A28	B版
815 某某基金管理有限公司	关于旗下部分基金增加销售机构的公告 A28	B版
816 某某基金管理有限公司	关于旗下部分基金增加销售机构的公告 A28	B版
817 某某基金管理有限公司	关于旗下部分基金增加销售机构的公告 A28	B版
818 某某基金管理有限公司	关于旗下部分基金增加销售机构的公告 A28	B版
819 某某基金管理有限公司	关于旗下部分基金增加销售机构的公告 A28	B版
820 某某基金管理有限公司	关于旗下部分基金增加销售机构的公告 A28	B版
821 某某基金管理有限公司	关于旗下部分基金增加销售机构的公告 A28	B版
822 某某基金管理有限公司	关于旗下部分基金增加销售机构的公告 A28	B版
823 某某基金管理有限公司	关于旗下部分基金增加销售机构的公告 A28	B版
824 某某基金管理有限公司	关于旗下部分基金增加销售机构的公告 A28	B版
825 某某基金管理有限公司	关于旗下部分基金增加销售机构的公告 A28	B版
826 某某基金管理有限公司	关于旗下部分基金增加销售机构的公告 A28	B版
827 某某基金管理有限公司	关于旗下部分基金增加销售机构的公告 A28	B版
828 某某基金管理有限公司	关于旗下部分基金增加销售机构的公告 A28	B版
829 某某基金管理有限公司	关于旗下部分基金增加销售机构的公告 A28	B版
830 某某基金管理有限公司	关于旗下部分基金增加销售机构的公告 A28	B版
831 某某基金管理有限公司	关于旗下部分基金增加销售机构的公告 A28	B版
832 某某基金管理有限公司	关于旗下部分基金增加销售机构的公告 A28	B版
833 某某基金管理有限公司	关于旗下部分基金增加销售机构的公告 A28	B版
834 某某基金管理有限公司	关于旗下部分基金增加销售机构的公告 A28	B版
835 某某基金管理有限公司	关于旗下部分基金增加销售机构的公告 A28	B版
836 某某基金管理有限公司	关于旗下部分基金增加销售机构的公告 A28	B版
837 某某基金管理有限公司	关于旗下部分基金增加销售机构的公告 A28	B版
838 某某基金管理有限公司	关于旗下部分基金增加销售机构的公告 A28	B版
839 某某基金管理有限公司	关于旗下部分基金增加销售机构的公告 A28	B版
840 某某基金管理有限公司	关于旗下部分基金增加销售机构的公告 A28	B版
841 某某基金管理有限公司	关于旗下部分基金增加销售机构的公告 A28	B版
842 某某基金管理有限公司	关于旗下部分基金增加销售机构的公告 A28	B版
843 某某基金管理有限公司	关于旗下部分基金增加销售机构的公告 A28	B版
844 某某基金管理有限公司	关于旗下部分基金增加销售机构的公告 A28	B版
845 某某基金管理有限公司	关于旗下部分基金增加销售机构的公告 A28	B版
846 某某基金管理有限公司	关于旗下部分基金增加销售机构的公告 A28	B版
847 某某基金管理有限公司	关于旗下部分基金增加销售机构的公告 A28	B版
848 某某基金管理有限公司	关于旗下部分基金增加销售机构的公告 A28	B版
849 某某基金管理有限公司	关于旗下部分基金增加销售机构的公告 A28	B版
850 某某基金管理有限公司	关于旗下部分基金增加销售机构的公告 A28	B版
851 某某基金管理有限公司	关于旗下部分基金增加销售机构的公告 A28	B版
852 某某基金管理有限公司	关于旗下部分基金增加销售机构的公告 A28	B版
853 某某基金管理有限公司	关于旗下部分基金增加销售机构的公告 A28	B版
854 某某基金管理有限公司	关于旗下部分基金增加销售机构的公告 A28	B版
855 某某基金管理有限公司	关于旗下部分基金增加销售机构的公告 A28	B版
856 某某基金管理有限公司	关于旗下部分基金增加销售机构的公告 A28	B版
857 某某基金管理有限公司	关于旗下部分基金增加销售机构的公告 A28	B版
858 某某基金管理有限公司	关于旗下部分基金增加销售机构的公告 A28	B版
859 某某基金管理有限公司	关于旗下部分基金增加销售机构的公告 A28	B版
860 某某基金管理有限公司	关于旗下部分基金增加销售机构的公告 A28	B版
861 某某基金管理有限公司	关于旗下部分基金增加销售机构的公告 A28	B版
862 某某基金管理有限公司	关于旗下部分基金增加销售机构的公告 A28	B版
863 某某基金管理有限公司	关于旗下部分基金增加销售机构的公告 A28	B版
864 某某基金管理有限公司	关于旗下部分基金增加销售机构的公告 A28	B版
865 某某基金管理有限公司	关于旗下部分基金增加销售机构的公告 A28	B版
866 某某基金管理有限公司	关于旗下部分基金增加销售机构的公告 A28	B版
867 某某基金管理有限公司	关于旗下部分基金增加销售机构的公告 A28	B版
868 某某基金管理有限公司	关于旗下部分基金增加销售机构的公告 A28	B版
869 某某基金管理有限公司	关于旗下部分基金增加销售机构的公告 A28	B版
870 某某基金管理有限公司	关于旗下部分基金增加销售机构的公告 A28	B版
871 某某基金管理有限公司	关于旗下部分基金增加销售机构的公告 A28	B版
872 某某基金管理有限公司	关于旗下部分基金增加销售机构的公告 A28	B版
873 某某基金管理有限公司	关于旗下部分基金增加销售机构的公告 A28	B版
874 某某基金管理有限公司	关于旗下部分基金增加销售机构的公告 A28	B版
875 某某基金管理有限公司	关于旗下部分基金增加销售机构的公告 A28	B版
876 某某基金管理有限公司	关于旗下部分基金增加销售机构的公告 A28	B版
877 某某基金管理有限公司	关于旗下部分基金增加销售机构的公告 A28	B版
878 某某基金管理有限公司	关于旗下部分基金增加销售机构的公告 A28	B版
879 某某基金管理有限公司	关于旗下部分基金增加销售机构的公告 A28	B版
880 某某基金管理有限公司	关于旗下部分基金增加销售机构的公告 A28	B版
881 某某基金管理有限公司	关于旗下部分基金增加销售机构的公告 A28	B版
882 某某基金管理有限公司	关于旗下部分基金增加销售机构的公告 A28	B版
883 某某基金管理有限公司	关于旗下部分基金增加销售机构的公告 A28	B版
884 某某基金管理有限公司	关于旗下部分基金增加销售机构的公告 A28	B版
885 某某基金管理有限公司	关于旗下部分基金增加销售机构的公告 A28	B版
886 某某基金管理有限公司	关于旗下部分基金增加销售机构的公告 A28	B版
887 某某基金管理有限公司	关于旗下部分基金增加销售机构的公告 A28	B版
888 某某基金管理有限公司	关于旗下部分基金增加销售机构的公告 A28	B版
889 某某基金管理有限公司	关于旗下部分基金增加销售机构的公告 A28	B版
890 某某基金管理有限公司	关于旗下部分基金增加销售机构的公告 A28	B版
891 某某基金管理有限公司	关于旗下部分基金增加销售机构的公告 A28	B版
892 某某基金管理有限公司	关于旗下部分基金增加销售机构的公告 A28	B版
893 某某基金管理有限公司	关于旗下部分基金增加销售机构的公告 A28	B版
894 某某基金管理有限公司	关于旗下部分基金增加销售机构的公告 A28	B版
895 某某基金管理有限公司	关于旗下部分基金增加销售机构的公告 A28	B版
896 某某基金管理有限公司	关于旗下部分基金增加销售机构的公告 A28	B版
897 某某基金管理有限公司	关于旗下部分基金增加销售机构的公告 A28	B版
898 某某基金管理有限公司	关于旗下部分基金增加销售机构的公告 A28	B版
899 某某基金管理有限公司	关于旗下部分基金增加销售机构的公告 A28	B版
900 某某基金管理有限公司	关于旗下部分基金增加销售机构的公告 A28	B版
901 某某基金管理有限公司	关于旗下部分基金增加销售机构的公告 A28	B版
CF0030
